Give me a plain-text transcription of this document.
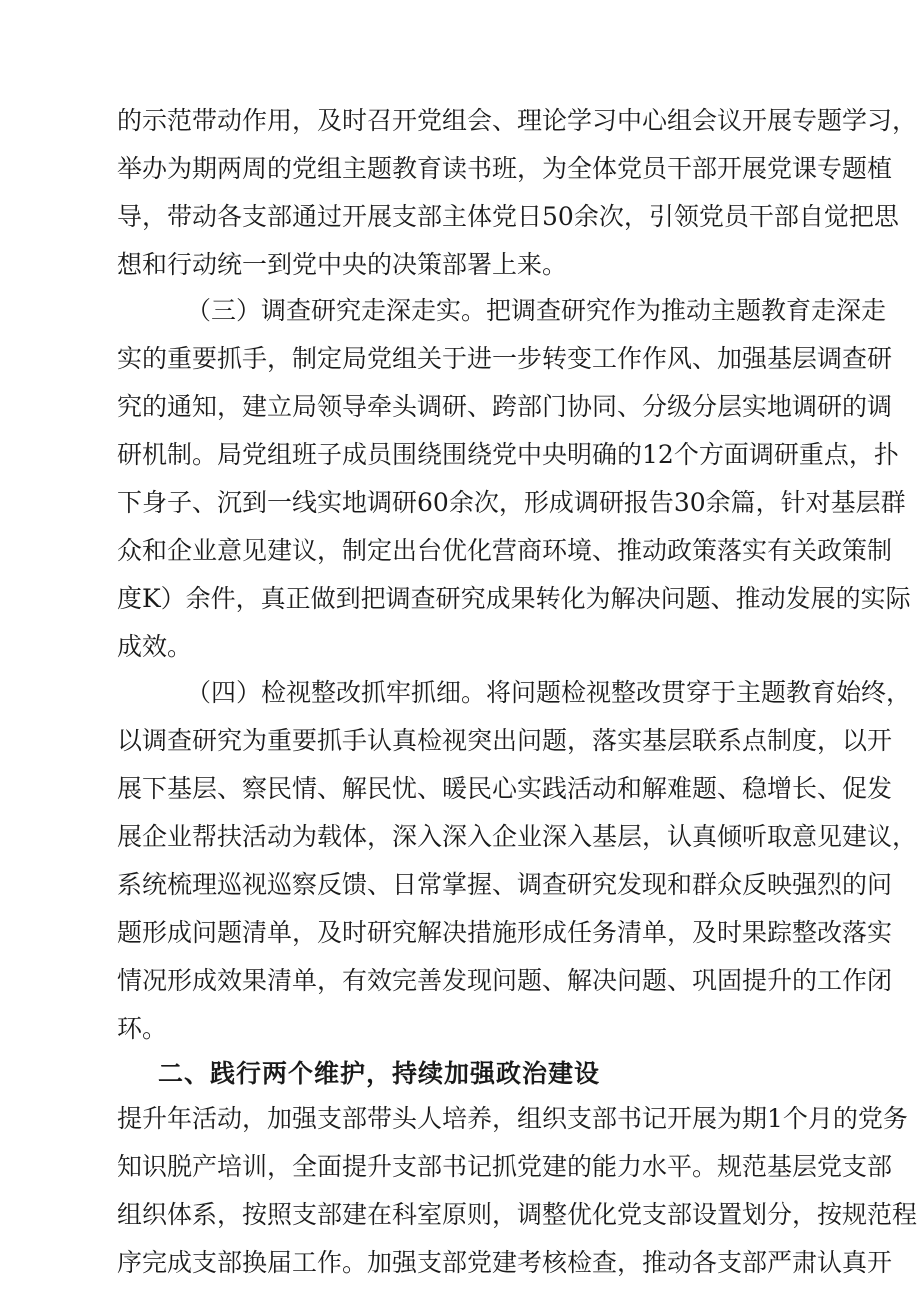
的示范带动作用，及时召开党组会、理论学习中心组会议开展专题学习，
举办为期两周的党组主题教育读书班，为全体党员干部开展党课专题植
导，带动各支部通过开展支部主体党日50余次，引领党员干部自觉把思
想和行动统一到党中央的决策部署上来。
（三）调查研究走深走实。把调查研究作为推动主题教育走深走
实的重要抓手，制定局党组关于进一步转变工作作风、加强基层调查研
究的通知，建立局领导牵头调研、跨部门协同、分级分层实地调研的调
研机制。局党组班子成员围绕围绕党中央明确的12个方面调研重点，扑
下身子、沉到一线实地调研60余次，形成调研报告30余篇，针对基层群
众和企业意见建议，制定出台优化营商环境、推动政策落实有关政策制
度K）余件，真正做到把调查研究成果转化为解决问题、推动发展的实际
成效。
（四）检视整改抓牢抓细。将问题检视整改贯穿于主题教育始终，
以调查研究为重要抓手认真检视突出问题，落实基层联系点制度，以开
展下基层、察民情、解民忧、暖民心实践活动和解难题、稳增长、促发
展企业帮扶活动为载体，深入深入企业深入基层，认真倾听取意见建议，
系统梳理巡视巡察反馈、日常掌握、调查研究发现和群众反映强烈的问
题形成问题清单，及时研究解决措施形成任务清单，及时果踪整改落实
情况形成效果清单，有效完善发现问题、解决问题、巩固提升的工作闭
环。
二、践行两个维护，持续加强政治建设
提升年活动，加强支部带头人培养，组织支部书记开展为期1个月的党务
知识脱产培训，全面提升支部书记抓党建的能力水平。规范基层党支部
组织体系，按照支部建在科室原则，调整优化党支部设置划分，按规范程
序完成支部换届工作。加强支部党建考核检查，推动各支部严肃认真开
